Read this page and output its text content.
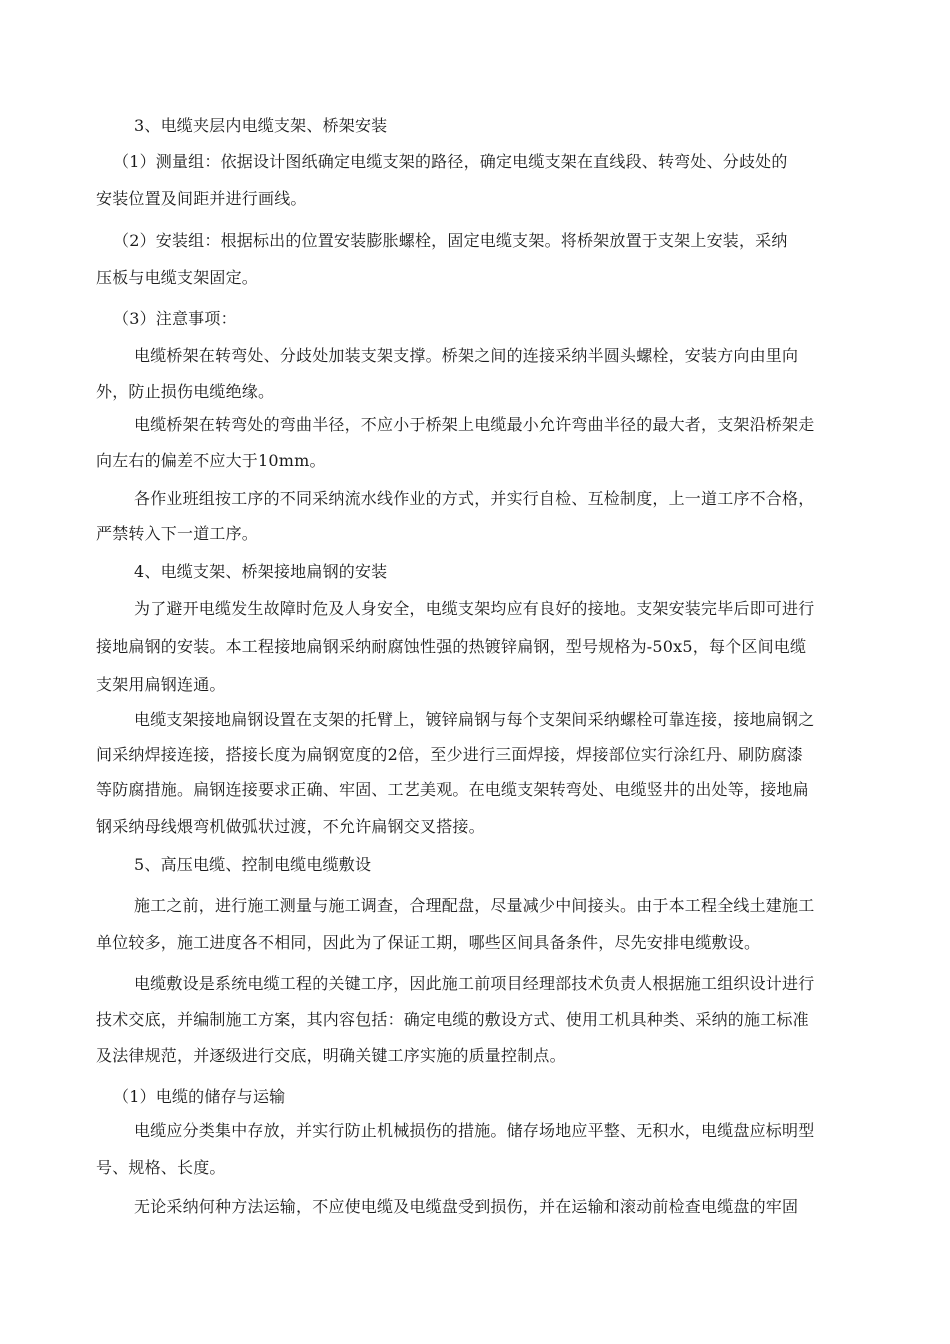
3、电缆夹层内电缆支架、桥架安装
（1）测量组：依据设计图纸确定电缆支架的路径，确定电缆支架在直线段、转弯处、分歧处的
安装位置及间距并进行画线。
（2）安装组：根据标出的位置安装膨胀螺栓，固定电缆支架。将桥架放置于支架上安装，采纳
压板与电缆支架固定。
（3）注意事项：
电缆桥架在转弯处、分歧处加装支架支撑。桥架之间的连接采纳半圆头螺栓，安装方向由里向
外，防止损伤电缆绝缘。
电缆桥架在转弯处的弯曲半径，不应小于桥架上电缆最小允许弯曲半径的最大者，支架沿桥架走
向左右的偏差不应大于10mm。
各作业班组按工序的不同采纳流水线作业的方式，并实行自检、互检制度，上一道工序不合格，
严禁转入下一道工序。
4、电缆支架、桥架接地扁钢的安装
为了避开电缆发生故障时危及人身安全，电缆支架均应有良好的接地。支架安装完毕后即可进行
接地扁钢的安装。本工程接地扁钢采纳耐腐蚀性强的热镀锌扁钢，型号规格为-50x5，每个区间电缆
支架用扁钢连通。
电缆支架接地扁钢设置在支架的托臂上，镀锌扁钢与每个支架间采纳螺栓可靠连接，接地扁钢之
间采纳焊接连接，搭接长度为扁钢宽度的2倍，至少进行三面焊接，焊接部位实行涂红丹、刷防腐漆
等防腐措施。扁钢连接要求正确、牢固、工艺美观。在电缆支架转弯处、电缆竖井的出处等，接地扁
钢采纳母线煨弯机做弧状过渡，不允许扁钢交叉搭接。
5、高压电缆、控制电缆电缆敷设
施工之前，进行施工测量与施工调查，合理配盘，尽量减少中间接头。由于本工程全线土建施工
单位较多，施工进度各不相同，因此为了保证工期，哪些区间具备条件，尽先安排电缆敷设。
电缆敷设是系统电缆工程的关键工序，因此施工前项目经理部技术负责人根据施工组织设计进行
技术交底，并编制施工方案，其内容包括：确定电缆的敷设方式、使用工机具种类、采纳的施工标准
及法律规范，并逐级进行交底，明确关键工序实施的质量控制点。
（1）电缆的储存与运输
电缆应分类集中存放，并实行防止机械损伤的措施。储存场地应平整、无积水，电缆盘应标明型
号、规格、长度。
无论采纳何种方法运输，不应使电缆及电缆盘受到损伤，并在运输和滚动前检查电缆盘的牢固
